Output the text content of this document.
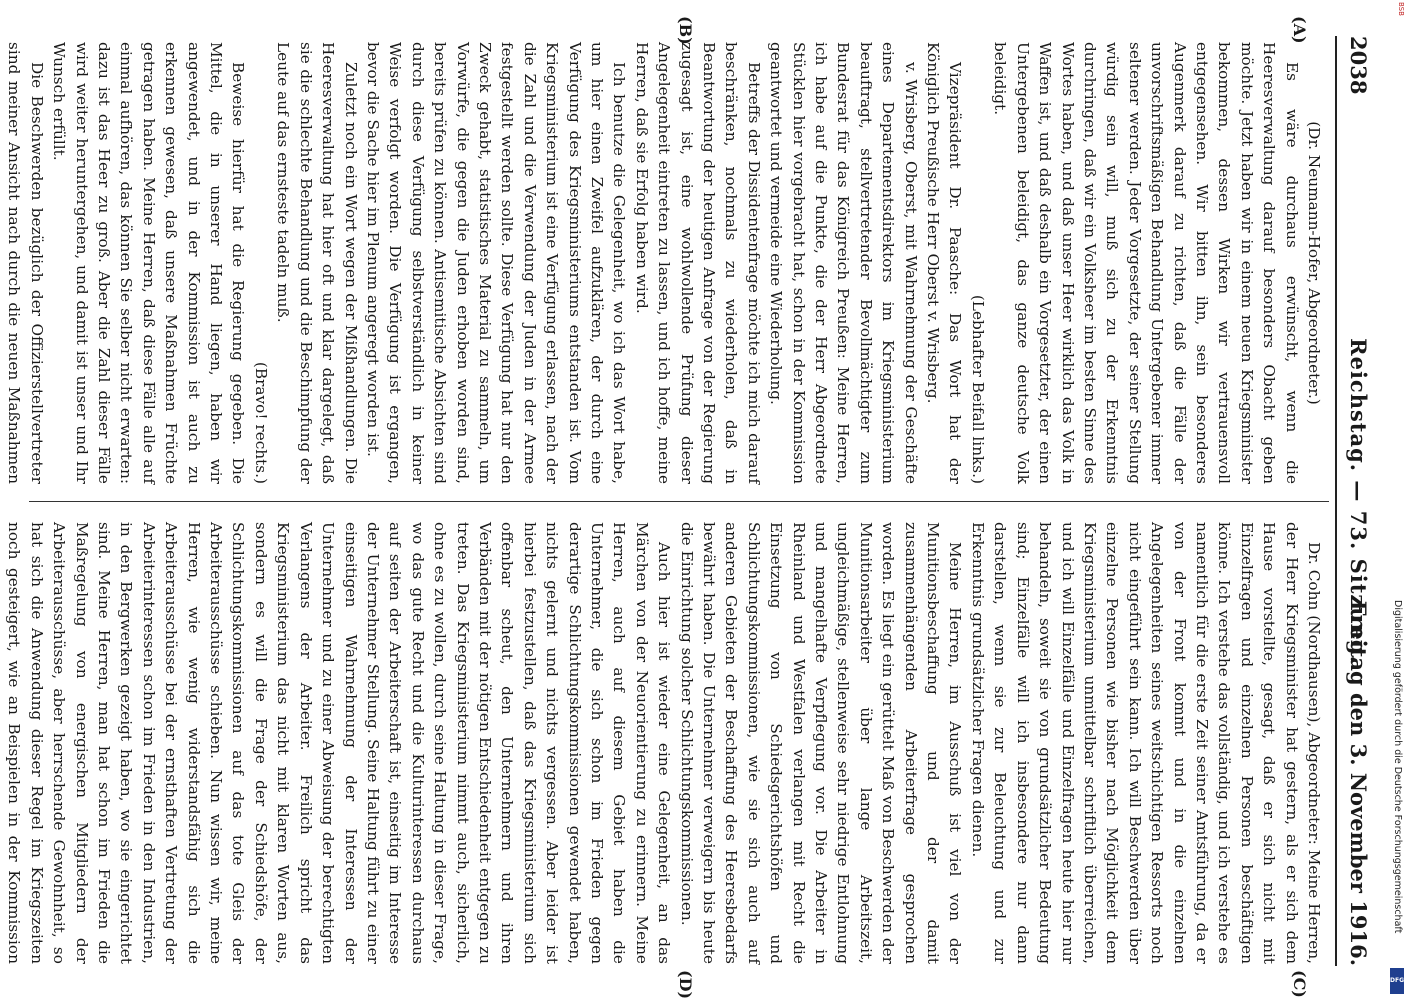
2038
Reichstag. — 73. Sitzung.
Freitag den 3. November 1916.
(A)
(B)
(C)
(D)

(Dr. Neumann-Hofer, Abgeordneter.)

Es wäre durchaus erwünscht, wenn die Heeresverwaltung darauf besonders Obacht geben möchte. Jetzt haben wir in einem neuen Kriegsminister bekommen, dessen Wirken wir vertrauensvoll entgegensehen. Wir bitten ihn, sein besonderes Augenmerk darauf zu richten, daß die Fälle der unvorschriftsmäßigen Behandlung Untergebener immer seltener werden. Jeder Vorgesetzte, der seiner Stellung würdig sein will, muß sich zu der Erkenntnis durchringen, daß wir ein Volksheer im besten Sinne des Wortes haben, und daß unser Heer wirklich das Volk in Waffen ist, und daß deshalb ein Vorgesetzter, der einen Untergebenen beleidigt, das ganze deutsche Volk beleidigt.

(Lebhafter Beifall links.)

Vizepräsident Dr. Paasche: Das Wort hat der Königlich Preußische Herr Oberst v. Wrisberg.

v. Wrisberg, Oberst, mit Wahrnehmung der Geschäfte eines Departementsdirektors im Kriegsministerium beauftragt, stellvertretender Bevollmächtigter zum Bundesrat für das Königreich Preußen: Meine Herren, ich habe auf die Punkte, die der Herr Abgeordnete Stücklen hier vorgebracht hat, schon in der Kommission geantwortet und vermeide eine Wiederholung.

Betreffs der Dissidentenfrage möchte ich mich darauf beschränken, nochmals zu wiederholen, daß in Beantwortung der heutigen Anfrage von der Regierung zugesagt ist, eine wohlwollende Prüfung dieser Angelegenheit eintreten zu lassen, und ich hoffe, meine Herren, daß sie Erfolg haben wird.

Ich benutze die Gelegenheit, wo ich das Wort habe, um hier einen Zweifel aufzuklären, der durch eine Verfügung des Kriegsministeriums entstanden ist. Vom Kriegsministerium ist eine Verfügung erlassen, nach der die Zahl und die Verwendung der Juden in der Armee festgestellt werden sollte. Diese Verfügung hat nur den Zweck gehabt, statistisches Material zu sammeln, um Vorwürfe, die gegen die Juden erhoben worden sind, bereits prüfen zu können. Antisemitische Absichten sind durch diese Verfügung selbstverständlich in keiner Weise verfolgt worden. Die Verfügung ist ergangen, bevor die Sache hier im Plenum angeregt worden ist.

Zuletzt noch ein Wort wegen der Mißhandlungen. Die Heeresverwaltung hat hier oft und klar dargelegt, daß sie die schlechte Behandlung und die Beschimpfung der Leute auf das ernsteste tadeln muß.

(Bravo! rechts.)

Beweise hierfür hat die Regierung gegeben. Die Mittel, die in unserer Hand liegen, haben wir angewendet, und in der Kommission ist auch zu erkennen gewesen, daß unsere Maßnahmen Früchte getragen haben. Meine Herren, daß diese Fälle alle auf einmal aufhören, das können Sie selber nicht erwarten: dazu ist das Heer zu groß. Aber die Zahl dieser Fälle wird weiter heruntergehen, und damit ist unser und Ihr Wunsch erfüllt.

Die Beschwerden bezüglich der Offizierstellvertreter sind meiner Ansicht nach durch die neuen Maßnahmen

Dr. Cohn (Nordhausen), Abgeordneter: Meine Herren, der Herr Kriegsminister hat gestern, als er sich dem Hause vorstellte, gesagt, daß er sich nicht mit Einzelfragen und einzelnen Personen beschäftigen könne. Ich verstehe das vollständig, und ich verstehe es namentlich für die erste Zeit seiner Amtsführung, da er von der Front kommt und in die einzelnen Angelegenheiten seines weitschichtigen Ressorts noch nicht eingeführt sein kann. Ich will Beschwerden über einzelne Personen wie bisher nach Möglichkeit dem Kriegsministerium unmittelbar schriftlich überreichen, und ich will Einzelfälle und Einzelfragen heute hier nur behandeln, soweit sie von grundsätzlicher Bedeutung sind; Einzelfälle will ich insbesondere nur dann darstellen, wenn sie zur Beleuchtung und zur Erkenntnis grundsätzlicher Fragen dienen.

Meine Herren, im Ausschuß ist viel von der Munitionsbeschaffung und der damit zusammenhängenden Arbeiterfrage gesprochen worden. Es liegt ein gerüttelt Maß von Beschwerden der Munitionsarbeiter über lange Arbeitszeit, ungleichmäßige, stellenweise sehr niedrige Entlohnung und mangelhafte Verpflegung vor. Die Arbeiter in Rheinland und Westfalen verlangen mit Recht die Einsetzung von Schiedsgerichtshöfen und Schlichtungskommissionen, wie sie sich auch auf anderen Gebieten der Beschaffung des Heeresbedarfs bewährt haben. Die Unternehmer verweigern bis heute die Einrichtung solcher Schlichtungskommissionen.

Auch hier ist wieder eine Gelegenheit, an das Märchen von der Neuorientierung zu erinnern. Meine Herren, auch auf diesem Gebiet haben die Unternehmer, die sich schon im Frieden gegen derartige Schlichtungskommissionen gewendet haben, nichts gelernt und nichts vergessen. Aber leider ist hierbei festzustellen, daß das Kriegsministerium sich offenbar scheut, den Unternehmern und ihren Verbänden mit der nötigen Entschiedenheit entgegen zu treten. Das Kriegsministerium nimmt auch, sicherlich, ohne es zu wollen, durch seine Haltung in dieser Frage, wo das gute Recht und die Kulturinteressen durchaus auf seiten der Arbeiterschaft ist, einseitig im Interesse der Unternehmer Stellung. Seine Haltung führt zu einer einseitigen Wahrnehmung der Interessen der Unternehmer und zu einer Abweisung der berechtigten Verlangens der Arbeiter. Freilich spricht das Kriegsministerium das nicht mit klaren Worten aus, sondern es will die Frage der Schiedshöfe, der Schlichtungskommissionen auf das tote Gleis der Arbeiterausschüsse schieben. Nun wissen wir, meine Herren, wie wenig widerstandsfähig sich die Arbeiterausschüsse bei der ernsthaften Vertretung der Arbeiterinteressen schon im Frieden in den Industrien, in den Bergwerken gezeigt haben, wo sie eingerichtet sind. Meine Herren, man hat schon im Frieden die Maßregelung von energischen Mitgliedern der Arbeiterausschüsse, aber herrschende Gewohnheit, so hat sich die Anwendung dieser Regel im Kriegszeiten noch gesteigert, wie an Beispielen in der Kommission

BSB
Digitalisierung gefördert durch die Deutsche Forschungsgemeinschaft
DFG
